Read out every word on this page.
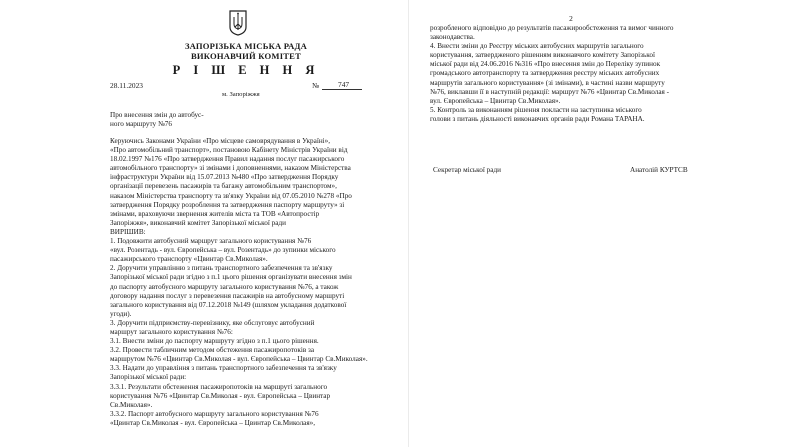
ЗАПОРІЗЬКА МІСЬКА РАДА
ВИКОНАВЧИЙ КОМІТЕТ
Р І Ш Е Н Н Я
28.11.2023
м. Запоріжжя
№	747
Про внесення змін до автобус-
ного маршруту №76
Керуючись Законами України «Про місцеве самоврядування в Україні»,
«Про автомобільний транспорт», постановою Кабінету Міністрів України від
18.02.1997 №176 «Про затвердження Правил надання послуг пасажирського
автомобільного транспорту» зі змінами і доповненнями, наказом Міністерства
інфраструктури України від 15.07.2013 №480 «Про затвердження Порядку
організації перевезень пасажирів та багажу автомобільним транспортом»,
наказом Міністерства транспорту та зв'язку України від 07.05.2010 №278 «Про
затвердження Порядку розроблення та затвердження паспорту маршруту» зі
змінами, враховуючи звернення жителів міста та ТОВ «Автопростір
Запоріжжя», виконавчий комітет Запорізької міської ради
ВИРІШИВ:
1. Подовжити автобусний маршрут загального користування №76
«вул. Розентадь - вул. Європейська – вул. Розентадь» до зупинки міського
пасажирського транспорту «Цвинтар Св.Миколая».
2. Доручити управлінню з питань транспортного забезпечення та зв'язку
Запорізької міської ради згідно з п.1 цього рішення організувати внесення змін
до паспорту автобусного маршруту загального користування №76, а також
договору надання послуг з перевезення пасажирів на автобусному маршруті
загального користування від 07.12.2018 №149 (шляхом укладання додаткової
угоди).
3. Доручити підприємству-перевізнику, яке обслуговує автобусний
маршрут загального користування №76:
3.1. Внести зміни до паспорту маршруту згідно з п.1 цього рішення.
3.2. Провести табличним методом обстеження пасажиропотоків за
маршрутом №76 «Цвинтар Св.Миколая - вул. Європейська – Цвинтар Св.Миколая».
3.3. Надати до управління з питань транспортного забезпечення та зв'язку
Запорізької міської ради:
3.3.1. Результати обстеження пасажиропотоків на маршруті загального
користування №76 «Цвинтар Св.Миколая - вул. Європейська – Цвинтар
Св.Миколая».
3.3.2. Паспорт автобусного маршруту загального користування №76
«Цвинтар Св.Миколая - вул. Європейська – Цвинтар Св.Миколая»,
2
розробленого відповідно до результатів пасажирообстеження та вимог чинного
законодавства.
4. Внести зміни до Реєстру міських автобусних маршрутів загального
користування, затвердженого рішенням виконавчого комітету Запорізької
міської ради від 24.06.2016 №316 «Про внесення змін до Переліку зупинок
громадського автотранспорту та затвердження реєстру міських автобусних
маршрутів загального користування» (зі змінами), в частині назви маршруту
№76, виклавши її в наступній редакції: маршрут №76 «Цвинтар Св.Миколая -
вул. Європейська – Цвинтар Св.Миколая».
5. Контроль за виконанням рішення покласти на заступника міського
голови з питань діяльності виконавчих органів ради Романа ТАРАНА.
Секретар міської ради	Анатолій КУРТСВ
